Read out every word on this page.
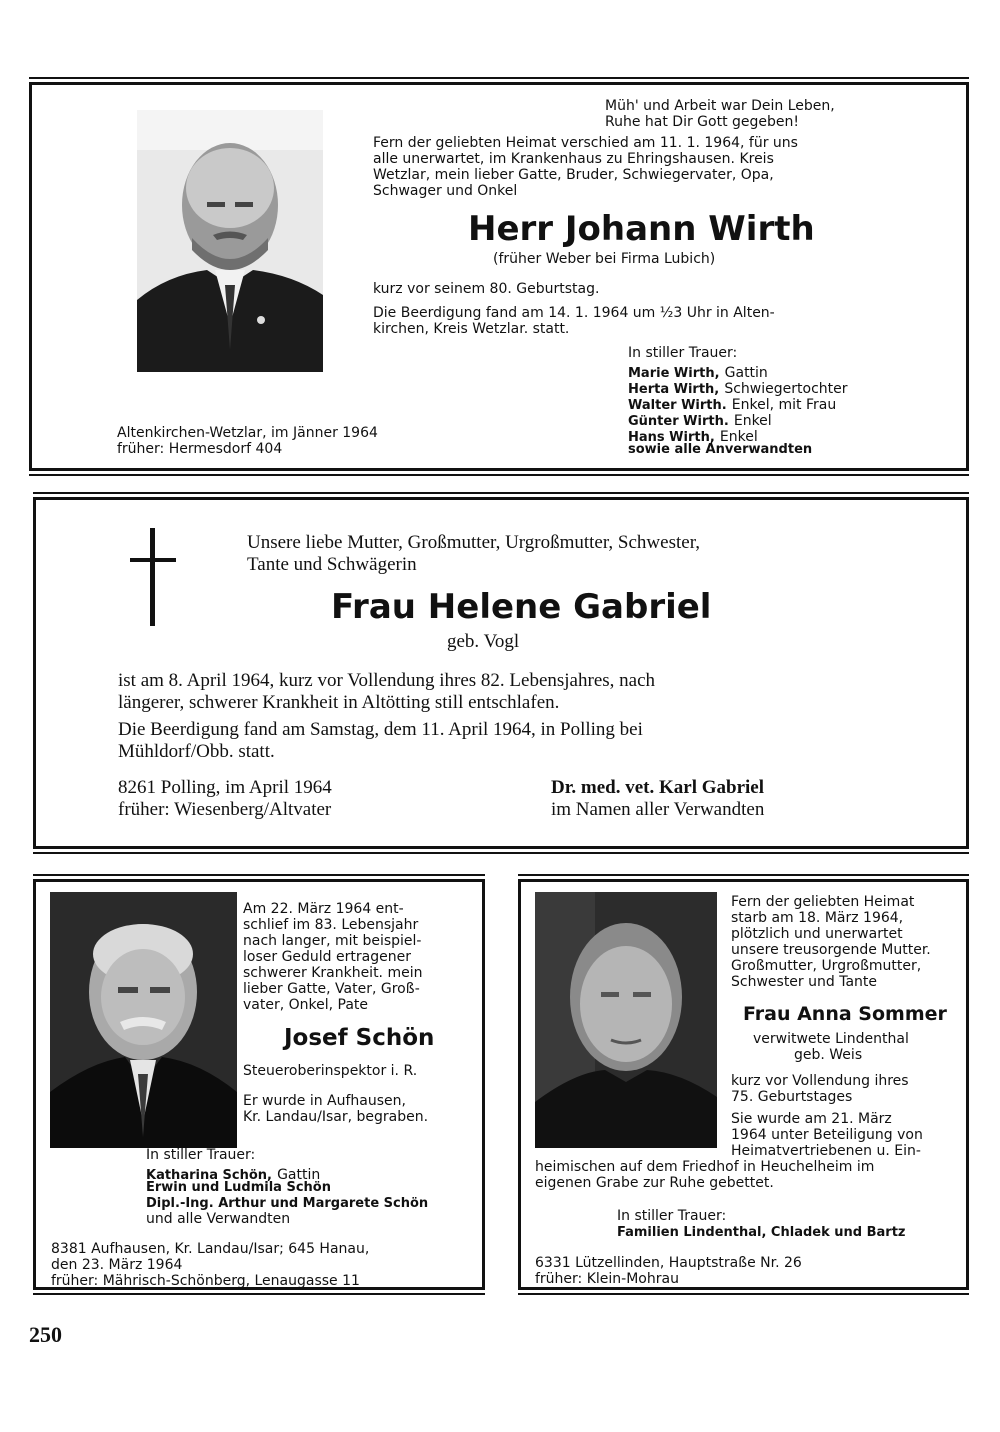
Müh' und Arbeit war Dein Leben,
Ruhe hat Dir Gott gegeben!
Fern der geliebten Heimat verschied am 11. 1. 1964, für uns
alle unerwartet, im Krankenhaus zu Ehringshausen. Kreis
Wetzlar, mein lieber Gatte, Bruder, Schwiegervater, Opa,
Schwager und Onkel
Herr Johann Wirth
(früher Weber bei Firma Lubich)
kurz vor seinem 80. Geburtstag.
Die Beerdigung fand am 14. 1. 1964 um ½3 Uhr in Alten-
kirchen, Kreis Wetzlar. statt.
In stiller Trauer:
Marie Wirth, Gattin
Herta Wirth, Schwiegertochter
Walter Wirth. Enkel, mit Frau
Günter Wirth. Enkel
Hans Wirth, Enkel
sowie alle Anverwandten
Altenkirchen-Wetzlar, im Jänner 1964
früher: Hermesdorf 404
Unsere liebe Mutter, Großmutter, Urgroßmutter, Schwester,
Tante und Schwägerin
Frau Helene Gabriel
geb. Vogl
ist am 8. April 1964, kurz vor Vollendung ihres 82. Lebensjahres, nach
längerer, schwerer Krankheit in Altötting still entschlafen.
Die Beerdigung fand am Samstag, dem 11. April 1964, in Polling bei
Mühldorf/Obb. statt.
8261 Polling, im April 1964
früher: Wiesenberg/Altvater
Dr. med. vet. Karl Gabriel
im Namen aller Verwandten
Am 22. März 1964 ent-
schlief im 83. Lebensjahr
nach langer, mit beispiel-
loser Geduld ertragener
schwerer Krankheit. mein
lieber Gatte, Vater, Groß-
vater, Onkel, Pate
Josef Schön
Steueroberinspektor i. R.
Er wurde in Aufhausen,
Kr. Landau/Isar, begraben.
In stiller Trauer:
Katharina Schön, Gattin
Erwin und Ludmila Schön
Dipl.-Ing. Arthur und Margarete Schön
und alle Verwandten
8381 Aufhausen, Kr. Landau/Isar; 645 Hanau,
den 23. März 1964
früher: Mährisch-Schönberg, Lenaugasse 11
Fern der geliebten Heimat
starb am 18. März 1964,
plötzlich und unerwartet
unsere treusorgende Mutter.
Großmutter, Urgroßmutter,
Schwester und Tante
Frau Anna Sommer
verwitwete Lindenthal
geb. Weis
kurz vor Vollendung ihres
75. Geburtstages
Sie wurde am 21. März
1964 unter Beteiligung von
Heimatvertriebenen u. Ein-
heimischen auf dem Friedhof in Heuchelheim im
eigenen Grabe zur Ruhe gebettet.
In stiller Trauer:
Familien Lindenthal, Chladek und Bartz
6331 Lützellinden, Hauptstraße Nr. 26
früher: Klein-Mohrau
250
